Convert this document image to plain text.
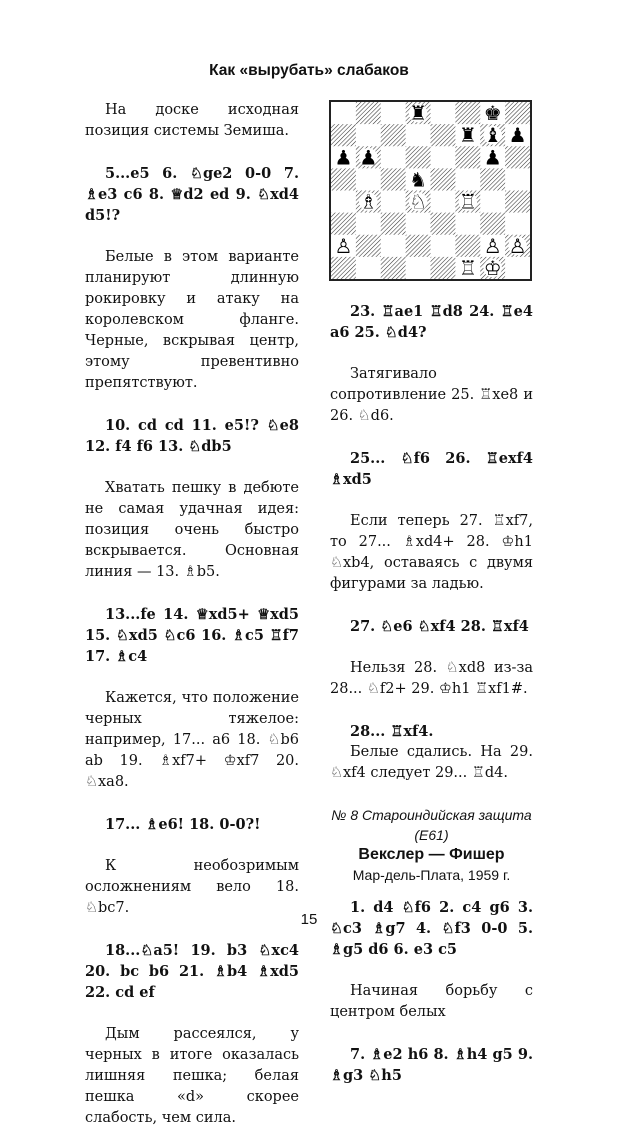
Как «вырубать» слабаков

На доске исходная позиция системы Земиша.

5...е5 6. ♘ge2 0-0 7. ♗e3 c6 8. ♕d2 ed 9. ♘xd4 d5!?

Белые в этом варианте планируют длинную рокировку и атаку на королевском фланге. Черные, вскрывая центр, этому превентивно препятствуют.

10. cd cd 11. e5!? ♘e8 12. f4 f6 13. ♘db5

Хватать пешку в дебюте не самая удачная идея: позиция очень быстро вскрывается. Основная линия — 13. ♗b5.

13...fe 14. ♕xd5+ ♕xd5 15. ♘xd5 ♘c6 16. ♗c5 ♖f7 17. ♗c4

Кажется, что положение черных тяжелое: например, 17... a6 18. ♘b6 ab 19. ♗xf7+ ♔xf7 20. ♘xa8.

17... ♗e6! 18. 0-0?!

К необозримым осложнениям вело 18. ♘bc7.

18...♘a5! 19. b3 ♘xc4 20. bc b6 21. ♗b4 ♗xd5 22. cd ef

Дым рассеялся, у черных в итоге оказалась лишняя пешка; белая пешка «d» скорее слабость, чем сила.

♜	♚
♜ ♝ ♟
♟ ♟	♟
♞
♗ ♘ ♖
♙	♙ ♙
♖ ♔

23. ♖ae1 ♖d8 24. ♖e4 a6 25. ♘d4?

Затягивало сопротивление 25. ♖xe8 и 26. ♘d6.

25... ♘f6 26. ♖exf4 ♗xd5

Если теперь 27. ♖xf7, то 27... ♗xd4+ 28. ♔h1 ♘xb4, оставаясь с двумя фигурами за ладью.

27. ♘e6 ♘xf4 28. ♖xf4

Нельзя 28. ♘xd8 из-за 28... ♘f2+ 29. ♔h1 ♖xf1#.

28... ♖xf4.

Белые сдались. На 29. ♘xf4 следует 29... ♖d4.

№ 8 Староиндийская защита (Е61)
Векслер — Фишер
Мар-дель-Плата, 1959 г.

1. d4 ♘f6 2. c4 g6 3. ♘c3 ♗g7 4. ♘f3 0-0 5. ♗g5 d6 6. e3 c5

Начиная борьбу с центром белых

7. ♗e2 h6 8. ♗h4 g5 9. ♗g3 ♘h5

15
